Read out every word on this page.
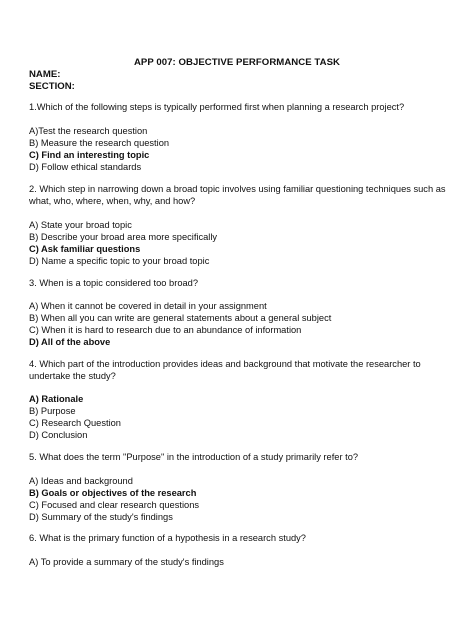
APP 007: OBJECTIVE PERFORMANCE TASK
NAME:
SECTION:

1.Which of the following steps is typically performed first when planning a research project?

A)Test the research question
B) Measure the research question
C) Find an interesting topic
D) Follow ethical standards

2. Which step in narrowing down a broad topic involves using familiar questioning techniques such as what, who, where, when, why, and how?

A) State your broad topic
B) Describe your broad area more specifically
C) Ask familiar questions
D) Name a specific topic to your broad topic

3. When is a topic considered too broad?

A) When it cannot be covered in detail in your assignment
B) When all you can write are general statements about a general subject
C) When it is hard to research due to an abundance of information
D) All of the above

4. Which part of the introduction provides ideas and background that motivate the researcher to undertake the study?

A) Rationale
B) Purpose
C) Research Question
D) Conclusion

5. What does the term "Purpose" in the introduction of a study primarily refer to?

A) Ideas and background
B) Goals or objectives of the research
C) Focused and clear research questions
D) Summary of the study's findings

6. What is the primary function of a hypothesis in a research study?

A) To provide a summary of the study's findings
